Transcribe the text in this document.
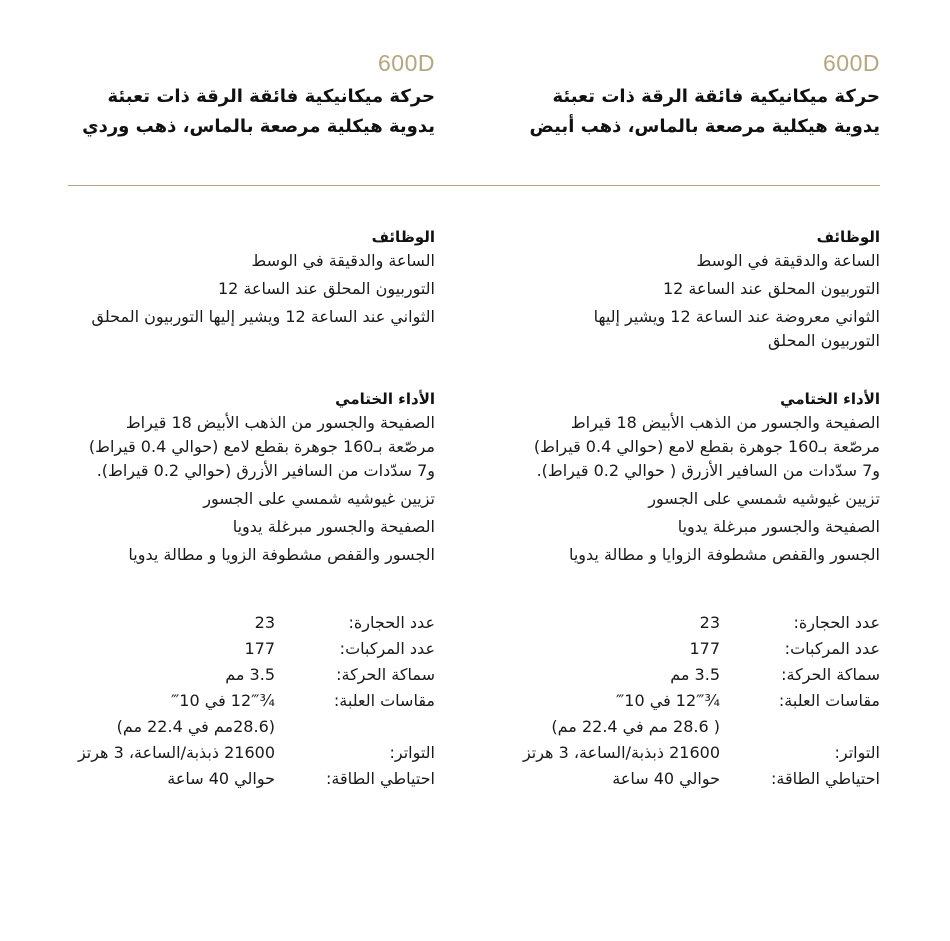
600D
حركة ميكانيكية فائقة الرقة ذات تعبئة
يدوية هيكلية مرصعة بالماس، ذهب أبيض
600D
حركة ميكانيكية فائقة الرقة ذات تعبئة
يدوية هيكلية مرصعة بالماس، ذهب وردي
الوظائف
الساعة والدقيقة في الوسط
التوربيون المحلق عند الساعة 12
الثواني معروضة عند الساعة 12 ويشير إليها
التوربيون المحلق
الوظائف
الساعة والدقيقة في الوسط
التوربيون المحلق عند الساعة 12
الثواني عند الساعة 12 ويشير إليها التوربيون المحلق
الأداء الختامي
الصفيحة والجسور من الذهب الأبيض 18 قيراط
مرصّعة بـ160 جوهرة بقطع لامع (حوالي 0.4 قيراط)
و7 سدّدات من السافير الأزرق ( حوالي 0.2 قيراط).
تزيين غيوشيه شمسي على الجسور
الصفيحة والجسور مبرغلة يدويا
الجسور والقفص مشطوفة الزوايا و مطالة يدويا
الأداء الختامي
الصفيحة والجسور من الذهب الأبيض 18 قيراط
مرصّعة بـ160 جوهرة بقطع لامع (حوالي 0.4 قيراط)
و7 سدّدات من السافير الأزرق (حوالي 0.2 قيراط).
تزيين غيوشيه شمسي على الجسور
الصفيحة والجسور مبرغلة يدويا
الجسور والقفص مشطوفة الزويا و مطالة يدويا
عدد الحجارة:
23
عدد المركبات:
177
سماكة الحركة:
3.5 مم
مقاسات العلبة:
¾12‴ في 10‴
( 28.6 مم في 22.4 مم)
التواتر:
21600 ذبذبة/الساعة، 3 هرتز
احتياطي الطاقة:
حوالي 40 ساعة
عدد الحجارة:
23
عدد المركبات:
177
سماكة الحركة:
3.5 مم
مقاسات العلبة:
¾12‴ في 10‴
(28.6مم في 22.4 مم)
التواتر:
21600 ذبذبة/الساعة، 3 هرتز
احتياطي الطاقة:
حوالي 40 ساعة
